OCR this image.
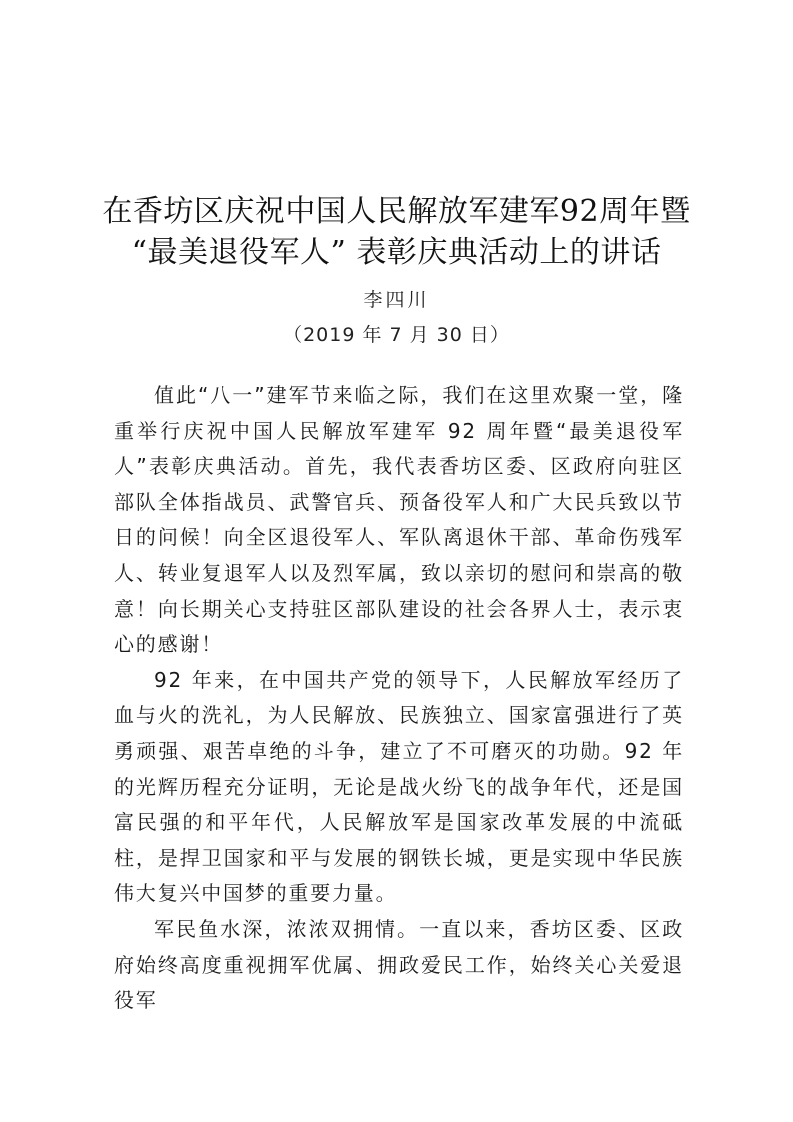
在香坊区庆祝中国人民解放军建军92周年暨
“最美退役军人” 表彰庆典活动上的讲话
李四川
（2019 年 7 月 30 日）

值此“八一”建军节来临之际，我们在这里欢聚一堂，隆重举行庆祝中国人民解放军建军 92 周年暨“最美退役军人”表彰庆典活动。首先，我代表香坊区委、区政府向驻区部队全体指战员、武警官兵、预备役军人和广大民兵致以节日的问候！向全区退役军人、军队离退休干部、革命伤残军人、转业复退军人以及烈军属，致以亲切的慰问和崇高的敬意！向长期关心支持驻区部队建设的社会各界人士，表示衷心的感谢！

92 年来，在中国共产党的领导下，人民解放军经历了血与火的洗礼，为人民解放、民族独立、国家富强进行了英勇顽强、艰苦卓绝的斗争，建立了不可磨灭的功勋。92 年的光辉历程充分证明，无论是战火纷飞的战争年代，还是国富民强的和平年代，人民解放军是国家改革发展的中流砥柱，是捍卫国家和平与发展的钢铁长城，更是实现中华民族伟大复兴中国梦的重要力量。

军民鱼水深，浓浓双拥情。一直以来，香坊区委、区政府始终高度重视拥军优属、拥政爱民工作，始终关心关爱退役军
